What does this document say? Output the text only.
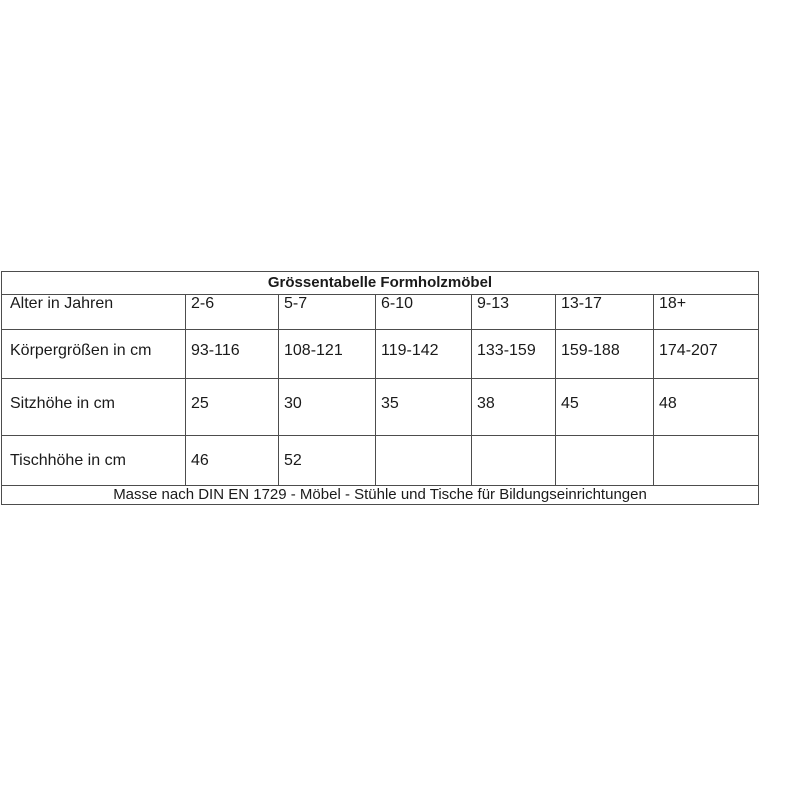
Grössentabelle Formholzmöbel
Alter in Jahren	2-6	5-7	6-10	9-13	13-17	18+
Körpergrößen in cm	93-116	108-121	119-142	133-159	159-188	174-207
Sitzhöhe in cm	25	30	35	38	45	48
Tischhöhe in cm	46	52
Masse nach DIN EN 1729 - Möbel - Stühle und Tische für Bildungseinrichtungen
